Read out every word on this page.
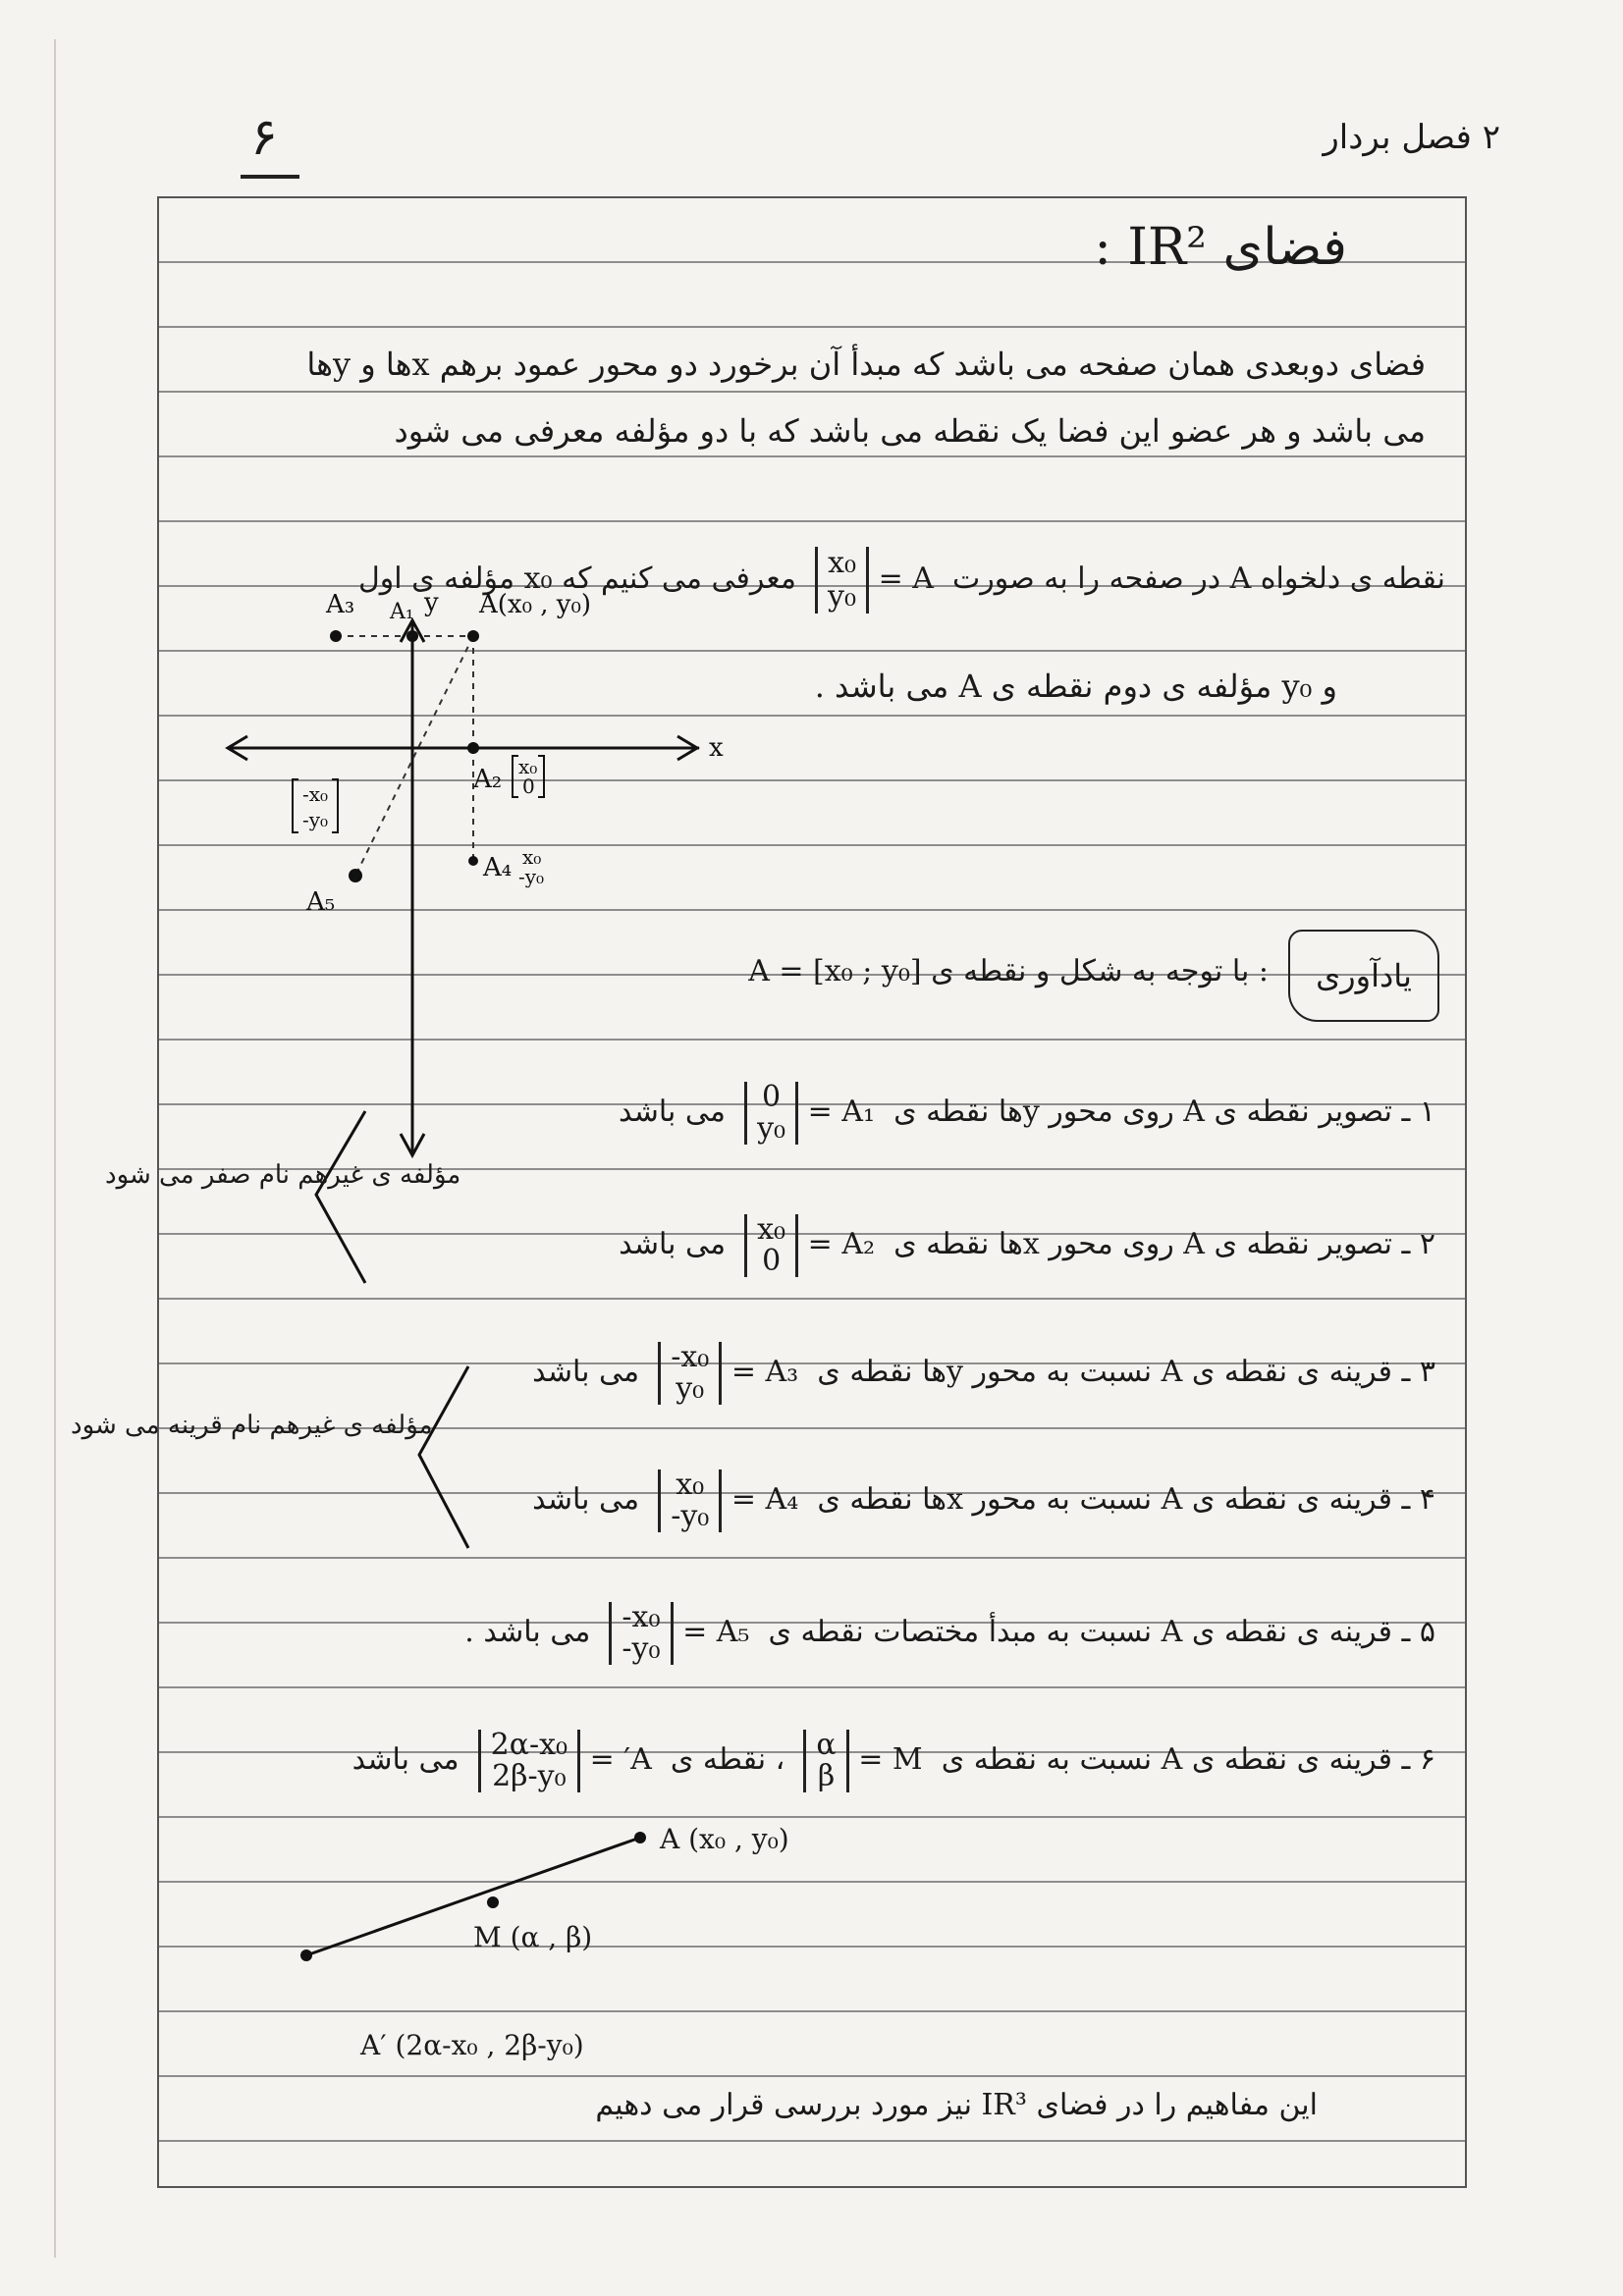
۶	۲ فصل بردار
فضای IR² :
فضای دوبعدی همان صفحه می باشد که مبدأ آن برخورد دو محور عمود برهم xها و yها
می باشد و هر عضو این فضا یک نقطه می باشد که با دو مؤلفه معرفی می شود
نقطه ی دلخواه A در صفحه را به صورت  A =
x₀
y₀
معرفی می کنیم که x₀ مؤلفه ی اول
و y₀ مؤلفه ی دوم نقطه ی A می باشد .
x
y A(x₀ , y₀)
A₁
A₃
A₂ x₀
0
A₄ x₀
-y₀
-x₀
-y₀
A₅
یادآوری
: با توجه به شکل و نقطه ی A = [x₀ ; y₀]
۱ ـ تصویر نقطه ی A روی محور yها نقطه ی  A₁ =
0
y₀
می باشد
۲ ـ تصویر نقطه ی A روی محور xها نقطه ی  A₂ =
x₀
0
می باشد
۳ ـ قرینه ی نقطه ی A نسبت به محور yها نقطه ی  A₃ =
-x₀
y₀
می باشد
۴ ـ قرینه ی نقطه ی A نسبت به محور xها نقطه ی  A₄ =
x₀
-y₀
می باشد
۵ ـ قرینه ی نقطه ی A نسبت به مبدأ مختصات نقطه ی  A₅ =
-x₀
-y₀
می باشد .
۶ ـ قرینه ی نقطه ی A نسبت به نقطه ی  M =
α
β
، نقطه ی  A′ =
2α-x₀
2β-y₀
می باشد
مؤلفه ی غیرهم نام صفر می شود
مؤلفه ی غیرهم نام قرینه می شود
A (x₀ , y₀)
M (α , β)
A′ (2α-x₀ , 2β-y₀)
این مفاهیم را در فضای IR³ نیز مورد بررسی قرار می دهیم
